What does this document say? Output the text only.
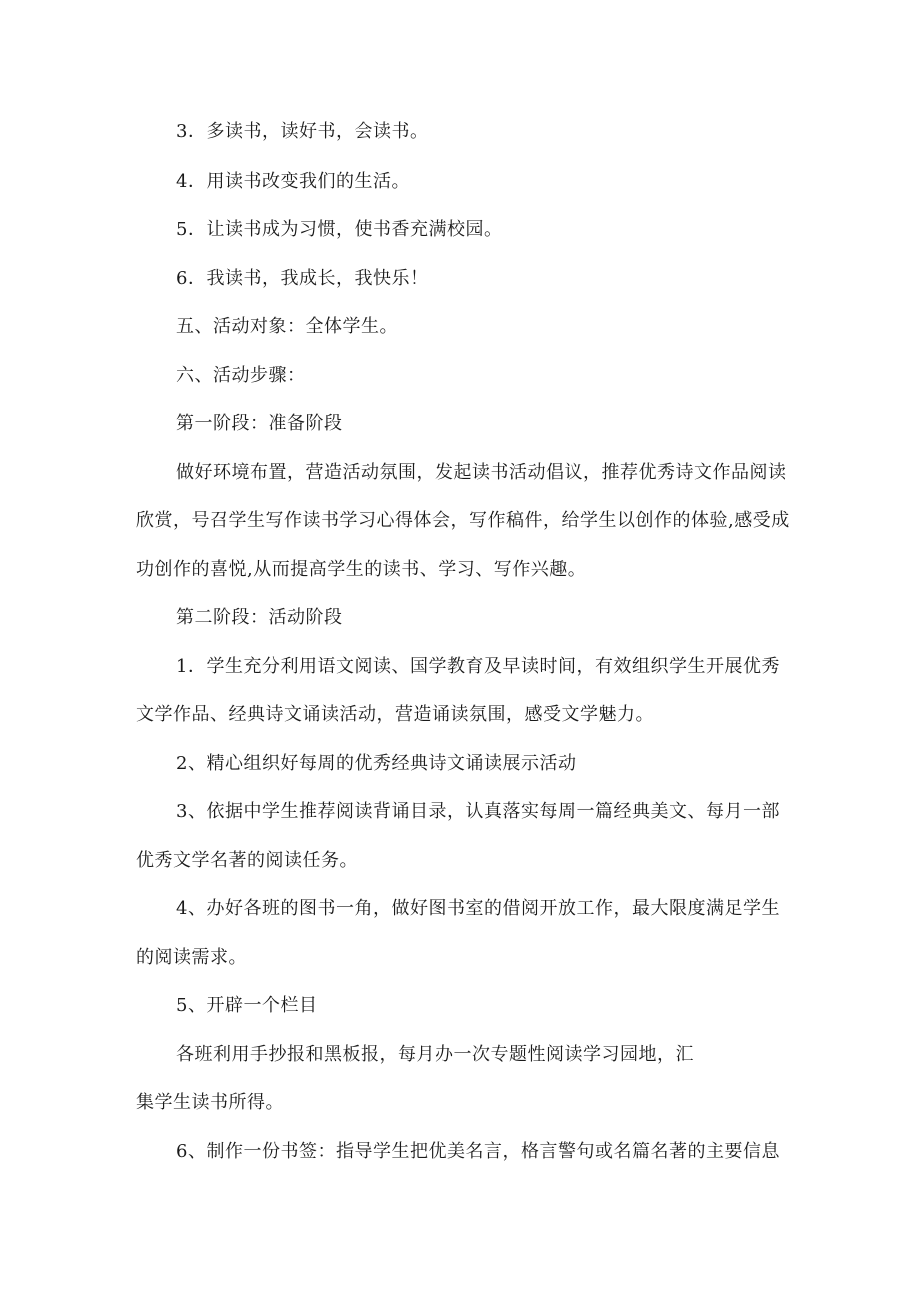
3．多读书，读好书，会读书。
4．用读书改变我们的生活。
5．让读书成为习惯，使书香充满校园。
6．我读书，我成长，我快乐！
五、活动对象：全体学生。
六、活动步骤：
第一阶段：准备阶段
做好环境布置，营造活动氛围，发起读书活动倡议，推荐优秀诗文作品阅读
欣赏，号召学生写作读书学习心得体会，写作稿件，给学生以创作的体验,感受成
功创作的喜悦,从而提高学生的读书、学习、写作兴趣。
第二阶段：活动阶段
1．学生充分利用语文阅读、国学教育及早读时间，有效组织学生开展优秀
文学作品、经典诗文诵读活动，营造诵读氛围，感受文学魅力。
2、精心组织好每周的优秀经典诗文诵读展示活动
3、依据中学生推荐阅读背诵目录，认真落实每周一篇经典美文、每月一部
优秀文学名著的阅读任务。
4、办好各班的图书一角，做好图书室的借阅开放工作，最大限度满足学生
的阅读需求。
5、开辟一个栏目
各班利用手抄报和黑板报，每月办一次专题性阅读学习园地，汇
集学生读书所得。
6、制作一份书签：指导学生把优美名言，格言警句或名篇名著的主要信息
